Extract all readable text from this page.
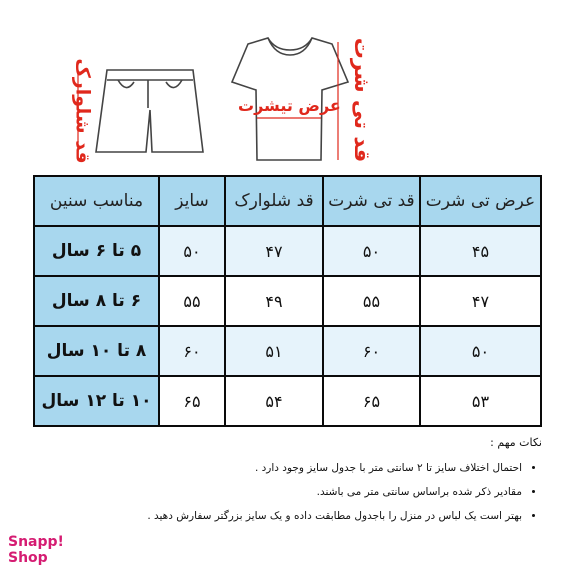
قد شلوارک	قد تی شرت
عرض تیشرت
عرض تی شرت	قد تی شرت	قد شلوارک	سایز	مناسب سنین
۴۵	۵۰	۴۷	۵۰	۵ تا ۶ سال
۴۷	۵۵	۴۹	۵۵	۶ تا ۸ سال
۵۰	۶۰	۵۱	۶۰	۸ تا ۱۰ سال
۵۳	۶۵	۵۴	۶۵	۱۰ تا ۱۲ سال

نکات مهم :

• احتمال اختلاف سایز تا ۲ سانتی متر با جدول سایز وجود دارد .
• مقادیر ذکر شده براساس سانتی متر می باشند.
• بهتر است یک لباس در منزل را باجدول مطابقت داده و یک سایز بزرگتر سفارش دهید .
Snapp!
Shop
